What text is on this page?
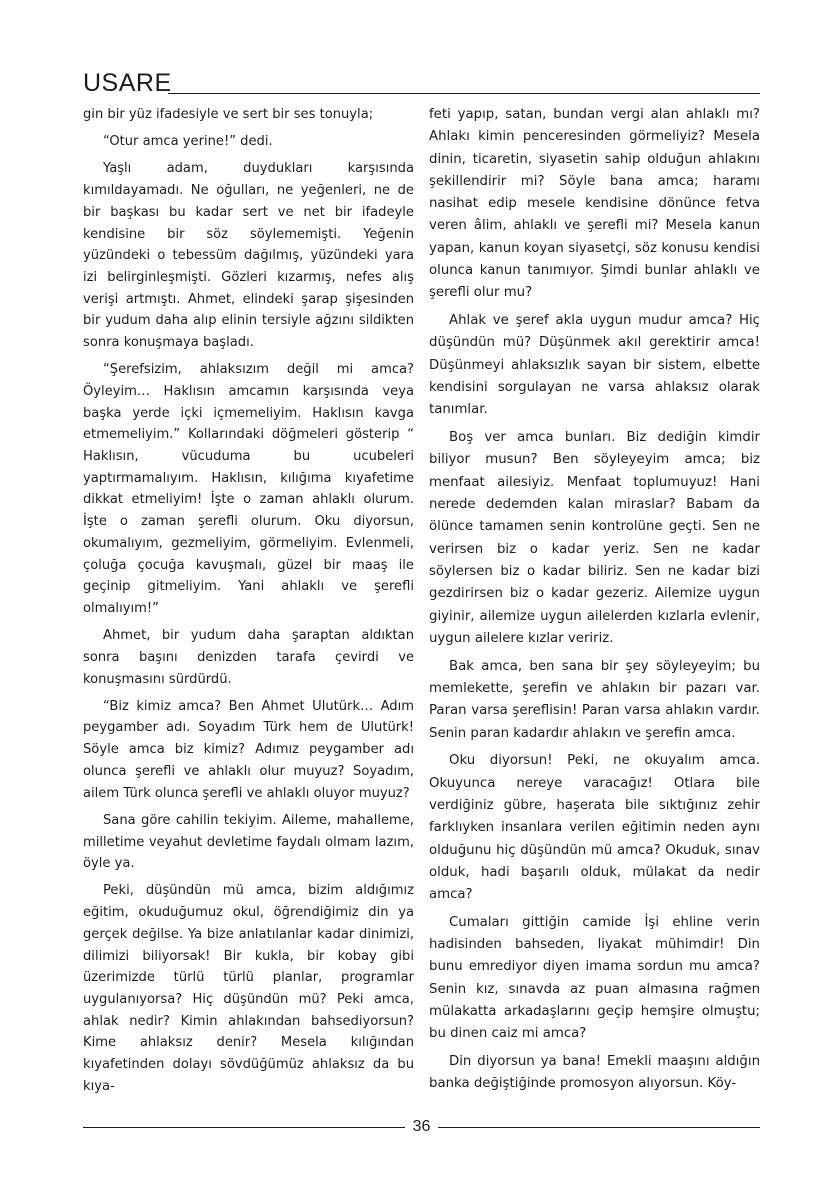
USARE

gin bir yüz ifadesiyle ve sert bir ses tonuyla;

“Otur amca yerine!” dedi.

Yaşlı adam, duydukları karşısında kımıldayamadı. Ne oğulları, ne yeğenleri, ne de bir başkası bu kadar sert ve net bir ifadeyle kendisine bir söz söylememişti. Yeğenin yüzündeki o tebessüm dağılmış, yüzündeki yara izi belirginleşmişti. Gözleri kızarmış, nefes alış verişi artmıştı. Ahmet, elindeki şarap şişesinden bir yudum daha alıp elinin tersiyle ağzını sildikten sonra konuşmaya başladı.

“Şerefsizim, ahlaksızım değil mi amca? Öyleyim… Haklısın amcamın karşısında veya başka yerde içki içmemeliyim. Haklısın kavga etmemeliyim.” Kollarındaki döğmeleri gösterip “ Haklısın, vücuduma bu ucubeleri yaptırmamalıyım. Haklısın, kılığıma kıyafetime dikkat etmeliyim! İşte o zaman ahlaklı olurum. İşte o zaman şerefli olurum. Oku diyorsun, okumalıyım, gezmeliyim, görmeliyim. Evlenmeli, çoluğa çocuğa kavuşmalı, güzel bir maaş ile geçinip gitmeliyim. Yani ahlaklı ve şerefli olmalıyım!”

Ahmet, bir yudum daha şaraptan aldıktan sonra başını denizden tarafa çevirdi ve konuşmasını sürdürdü.

“Biz kimiz amca? Ben Ahmet Ulutürk… Adım peygamber adı. Soyadım Türk hem de Ulutürk! Söyle amca biz kimiz? Adımız peygamber adı olunca şerefli ve ahlaklı olur muyuz? Soyadım, ailem Türk olunca şerefli ve ahlaklı oluyor muyuz?

Sana göre cahilin tekiyim. Aileme, mahalleme, milletime veyahut devletime faydalı olmam lazım, öyle ya.

Peki, düşündün mü amca, bizim aldığımız eğitim, okuduğumuz okul, öğrendiğimiz din ya gerçek değilse. Ya bize anlatılanlar kadar dinimizi, dilimizi biliyorsak! Bir kukla, bir kobay gibi üzerimizde türlü türlü planlar, programlar uygulanıyorsa? Hiç düşündün mü? Peki amca, ahlak nedir? Kimin ahlakından bahsediyorsun? Kime ahlaksız denir? Mesela kılığından kıyafetinden dolayı sövdüğümüz ahlaksız da bu kıya-

feti yapıp, satan, bundan vergi alan ahlaklı mı? Ahlakı kimin penceresinden görmeliyiz? Mesela dinin, ticaretin, siyasetin sahip olduğun ahlakını şekillendirir mi? Söyle bana amca; haramı nasihat edip mesele kendisine dönünce fetva veren âlim, ahlaklı ve şerefli mi? Mesela kanun yapan, kanun koyan siyasetçi, söz konusu kendisi olunca kanun tanımıyor. Şimdi bunlar ahlaklı ve şerefli olur mu?

Ahlak ve şeref akla uygun mudur amca? Hiç düşündün mü? Düşünmek akıl gerektirir amca! Düşünmeyi ahlaksızlık sayan bir sistem, elbette kendisini sorgulayan ne varsa ahlaksız olarak tanımlar.

Boş ver amca bunları. Biz dediğin kimdir biliyor musun? Ben söyleyeyim amca; biz menfaat ailesiyiz. Menfaat toplumuyuz! Hani nerede dedemden kalan miraslar? Babam da ölünce tamamen senin kontrolüne geçti. Sen ne verirsen biz o kadar yeriz. Sen ne kadar söylersen biz o kadar biliriz. Sen ne kadar bizi gezdirirsen biz o kadar gezeriz. Ailemize uygun giyinir, ailemize uygun ailelerden kızlarla evlenir, uygun ailelere kızlar veririz.

Bak amca, ben sana bir şey söyleyeyim; bu memlekette, şerefin ve ahlakın bir pazarı var. Paran varsa şereflisin! Paran varsa ahlakın vardır. Senin paran kadardır ahlakın ve şerefin amca.

Oku diyorsun! Peki, ne okuyalım amca. Okuyunca nereye varacağız! Otlara bile verdiğiniz gübre, haşerata bile sıktığınız zehir farklıyken insanlara verilen eğitimin neden aynı olduğunu hiç düşündün mü amca? Okuduk, sınav olduk, hadi başarılı olduk, mülakat da nedir amca?

Cumaları gittiğin camide İşi ehline verin hadisinden bahseden, liyakat mühimdir! Din bunu emrediyor diyen imama sordun mu amca? Senin kız, sınavda az puan almasına rağmen mülakatta arkadaşlarını geçip hemşire olmuştu; bu dinen caiz mi amca?

Din diyorsun ya bana! Emekli maaşını aldığın banka değiştiğinde promosyon alıyorsun. Köy-

36
